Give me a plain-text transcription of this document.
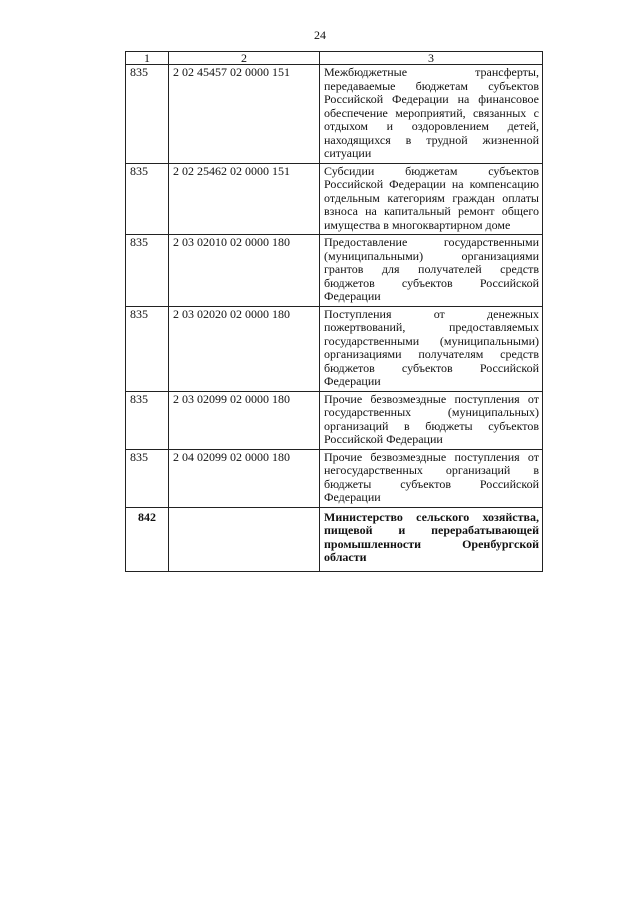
24
1	2	3
835	2 02 45457 02 0000 151	Межбюджетные трансферты, передаваемые бюджетам субъектов Российской Федерации на финансовое обеспечение мероприятий, связанных с отдыхом и оздоровлением детей, находящихся в трудной жизненной ситуации
835	2 02 25462 02 0000 151	Субсидии бюджетам субъектов Российской Федерации на компенсацию отдельным категориям граждан оплаты взноса на капитальный ремонт общего имущества в многоквартирном доме
835	2 03 02010 02 0000 180	Предоставление государственными (муниципальными) организациями грантов для получателей средств бюджетов субъектов Российской Федерации
835	2 03 02020 02 0000 180	Поступления от денежных пожертвований, предоставляемых государственными (муниципальными) организациями получателям средств бюджетов субъектов Российской Федерации
835	2 03 02099 02 0000 180	Прочие безвозмездные поступления от государственных (муниципальных) организаций в бюджеты субъектов Российской Федерации
835	2 04 02099 02 0000 180	Прочие безвозмездные поступления от негосударственных организаций в бюджеты субъектов Российской Федерации
842		Министерство сельского хозяйства, пищевой и перерабатывающей промышленности Оренбургской области
